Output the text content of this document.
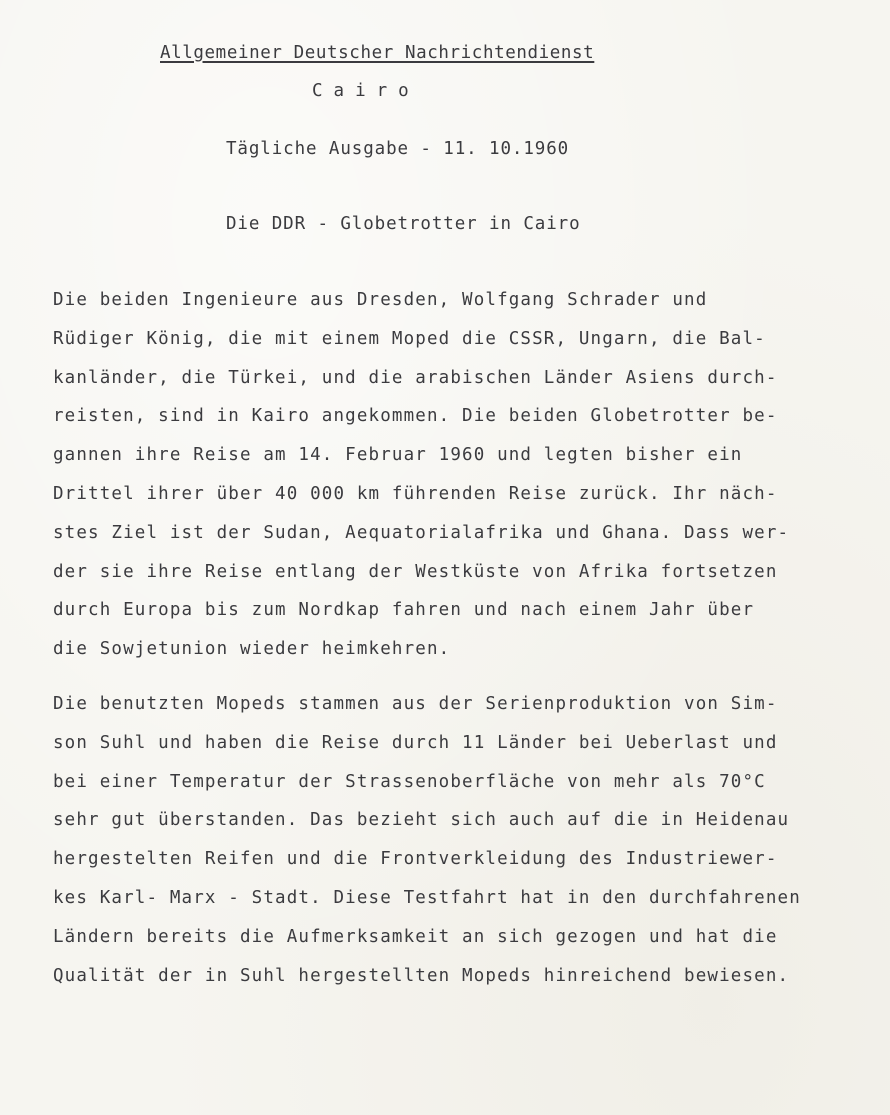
Allgemeiner Deutscher Nachrichtendienst
Cairo
Tägliche Ausgabe - 11. 10.1960
Die DDR - Globetrotter in Cairo
Die beiden Ingenieure aus Dresden, Wolfgang Schrader und
Rüdiger König, die mit einem Moped die CSSR, Ungarn, die Bal-
kanländer, die Türkei, und die arabischen Länder Asiens durch-
reisten, sind in Kairo angekommen. Die beiden Globetrotter be-
gannen ihre Reise am 14. Februar 1960 und legten bisher ein
Drittel ihrer über 40 000 km führenden Reise zurück. Ihr näch-
stes Ziel ist der Sudan, Aequatorialafrika und Ghana. Dass wer-
der sie ihre Reise entlang der Westküste von Afrika fortsetzen
durch Europa bis zum Nordkap fahren und nach einem Jahr über
die Sowjetunion wieder heimkehren.
Die benutzten Mopeds stammen aus der Serienproduktion von Sim-
son Suhl und haben die Reise durch 11 Länder bei Ueberlast und
bei einer Temperatur der Strassenoberfläche von mehr als 70°C
sehr gut überstanden. Das bezieht sich auch auf die in Heidenau
hergestelten Reifen und die Frontverkleidung des Industriewer-
kes Karl- Marx - Stadt. Diese Testfahrt hat in den durchfahrenen
Ländern bereits die Aufmerksamkeit an sich gezogen und hat die
Qualität der in Suhl hergestellten Mopeds hinreichend bewiesen.
